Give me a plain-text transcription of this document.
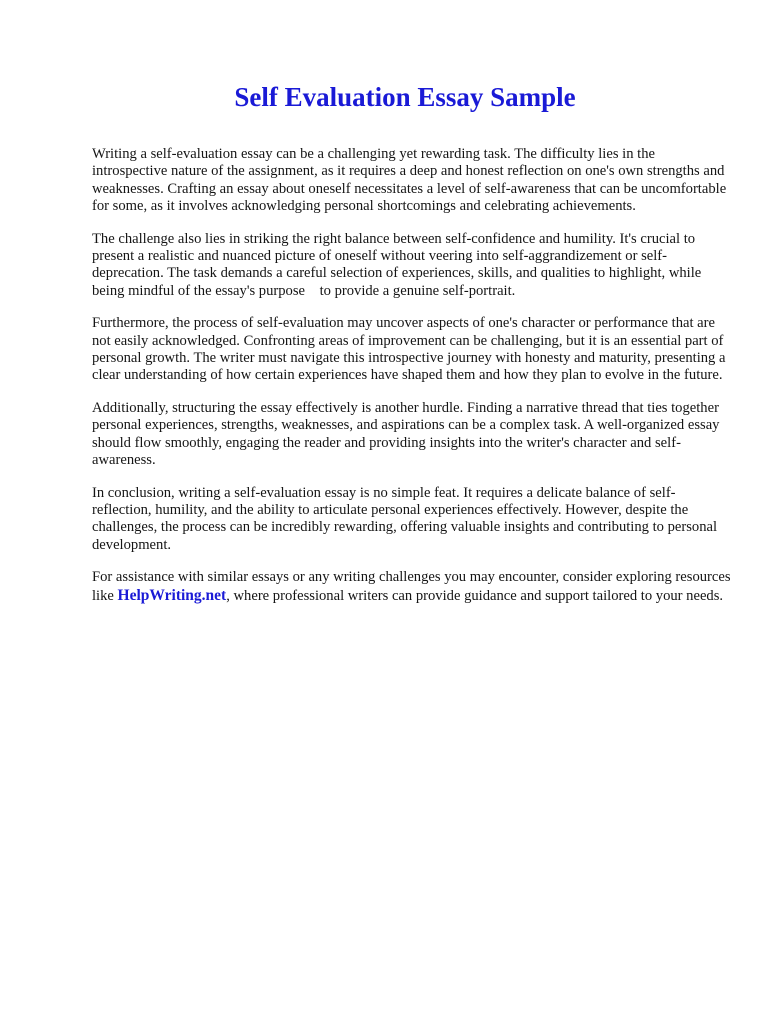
Self Evaluation Essay Sample

Writing a self-evaluation essay can be a challenging yet rewarding task. The difficulty lies in the introspective nature of the assignment, as it requires a deep and honest reflection on one's own strengths and weaknesses. Crafting an essay about oneself necessitates a level of self-awareness that can be uncomfortable for some, as it involves acknowledging personal shortcomings and celebrating achievements.

The challenge also lies in striking the right balance between self-confidence and humility. It's crucial to present a realistic and nuanced picture of oneself without veering into self-aggrandizement or self-deprecation. The task demands a careful selection of experiences, skills, and qualities to highlight, while being mindful of the essay's purpose    to provide a genuine self-portrait.

Furthermore, the process of self-evaluation may uncover aspects of one's character or performance that are not easily acknowledged. Confronting areas of improvement can be challenging, but it is an essential part of personal growth. The writer must navigate this introspective journey with honesty and maturity, presenting a clear understanding of how certain experiences have shaped them and how they plan to evolve in the future.

Additionally, structuring the essay effectively is another hurdle. Finding a narrative thread that ties together personal experiences, strengths, weaknesses, and aspirations can be a complex task. A well-organized essay should flow smoothly, engaging the reader and providing insights into the writer's character and self-awareness.

In conclusion, writing a self-evaluation essay is no simple feat. It requires a delicate balance of self-reflection, humility, and the ability to articulate personal experiences effectively. However, despite the challenges, the process can be incredibly rewarding, offering valuable insights and contributing to personal development.

For assistance with similar essays or any writing challenges you may encounter, consider exploring resources like HelpWriting.net, where professional writers can provide guidance and support tailored to your needs.
